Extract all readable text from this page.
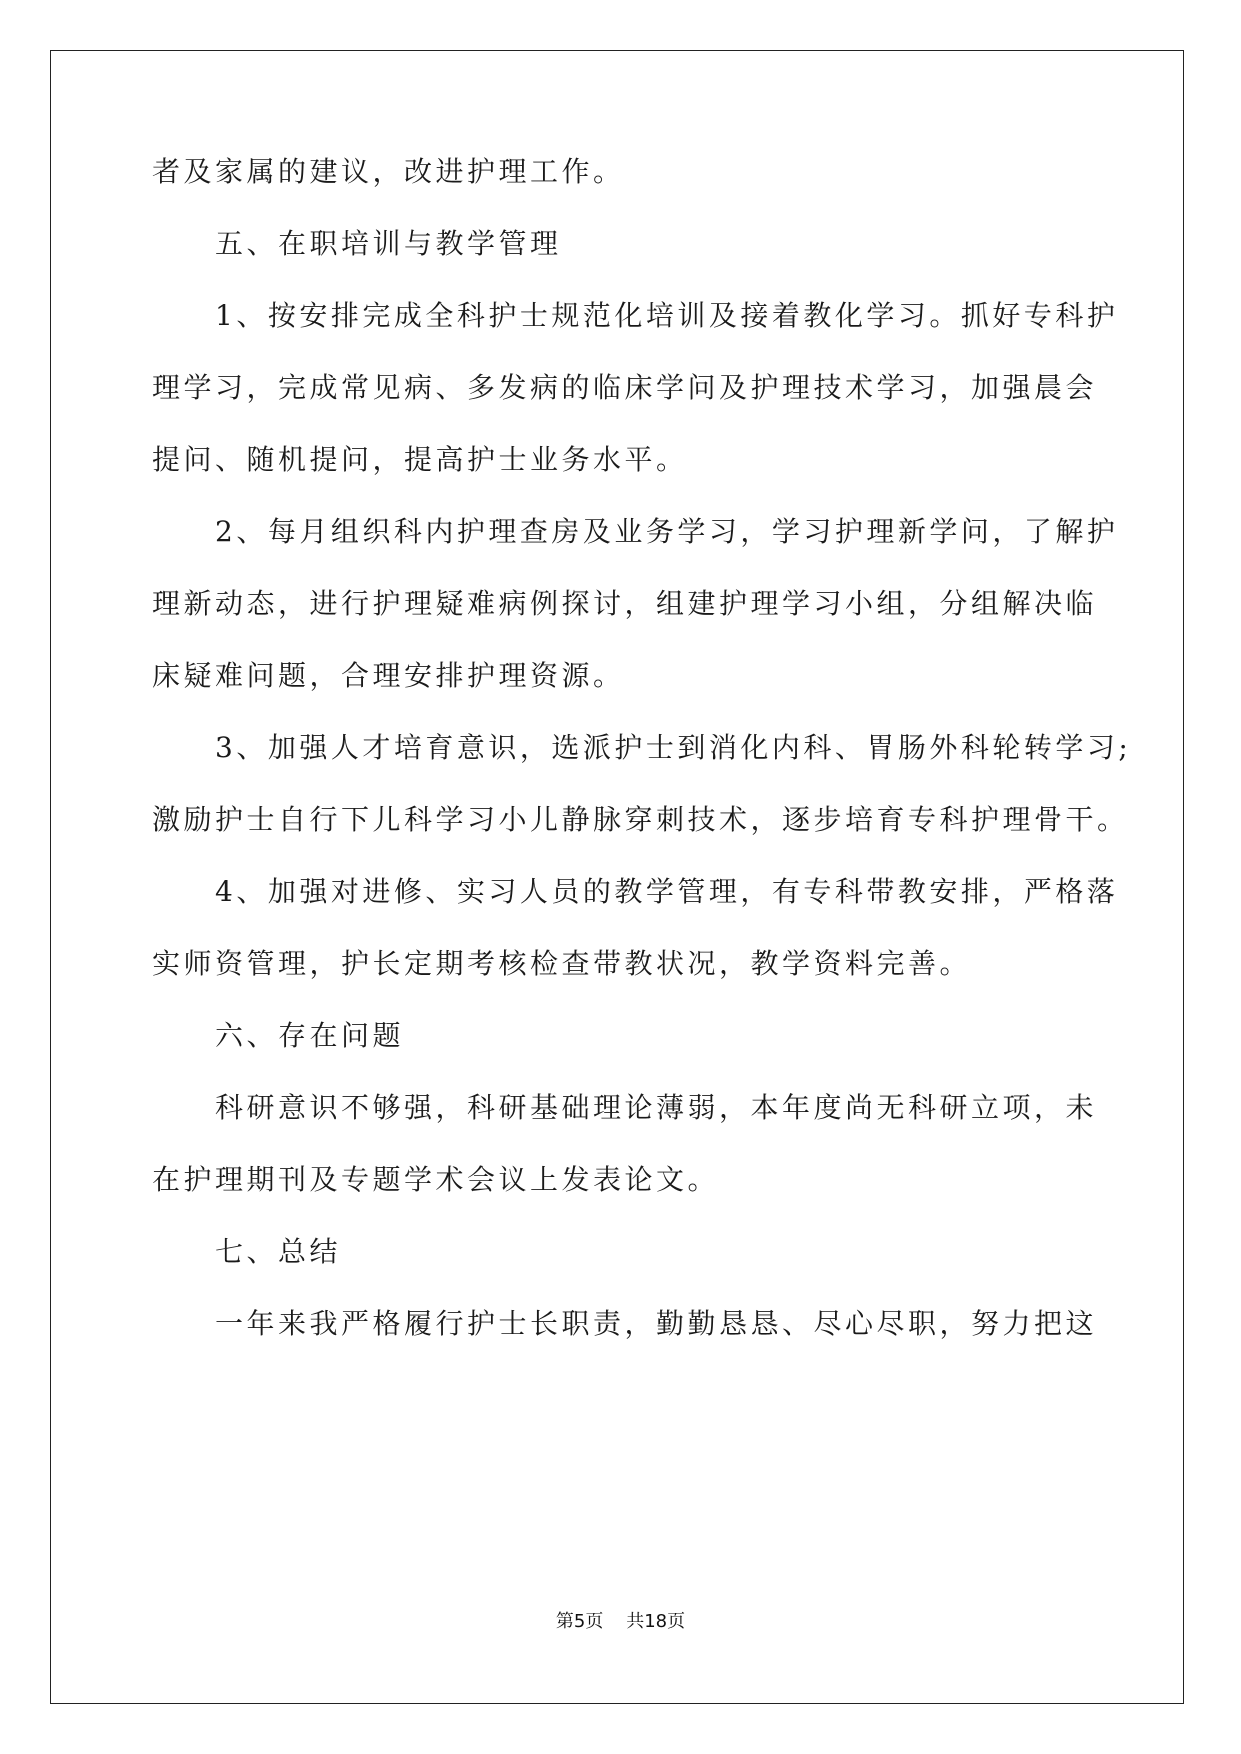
者及家属的建议，改进护理工作。

　　五、在职培训与教学管理

　　1、按安排完成全科护士规范化培训及接着教化学习。抓好专科护

理学习，完成常见病、多发病的临床学问及护理技术学习，加强晨会

提问、随机提问，提高护士业务水平。

　　2、每月组织科内护理查房及业务学习，学习护理新学问，了解护

理新动态，进行护理疑难病例探讨，组建护理学习小组，分组解决临

床疑难问题，合理安排护理资源。

　　3、加强人才培育意识，选派护士到消化内科、胃肠外科轮转学习;

激励护士自行下儿科学习小儿静脉穿刺技术，逐步培育专科护理骨干。

　　4、加强对进修、实习人员的教学管理，有专科带教安排，严格落

实师资管理，护长定期考核检查带教状况，教学资料完善。

　　六、存在问题

　　科研意识不够强，科研基础理论薄弱，本年度尚无科研立项，未

在护理期刊及专题学术会议上发表论文。

　　七、总结

　　一年来我严格履行护士长职责，勤勤恳恳、尽心尽职，努力把这

第5页 共18页
